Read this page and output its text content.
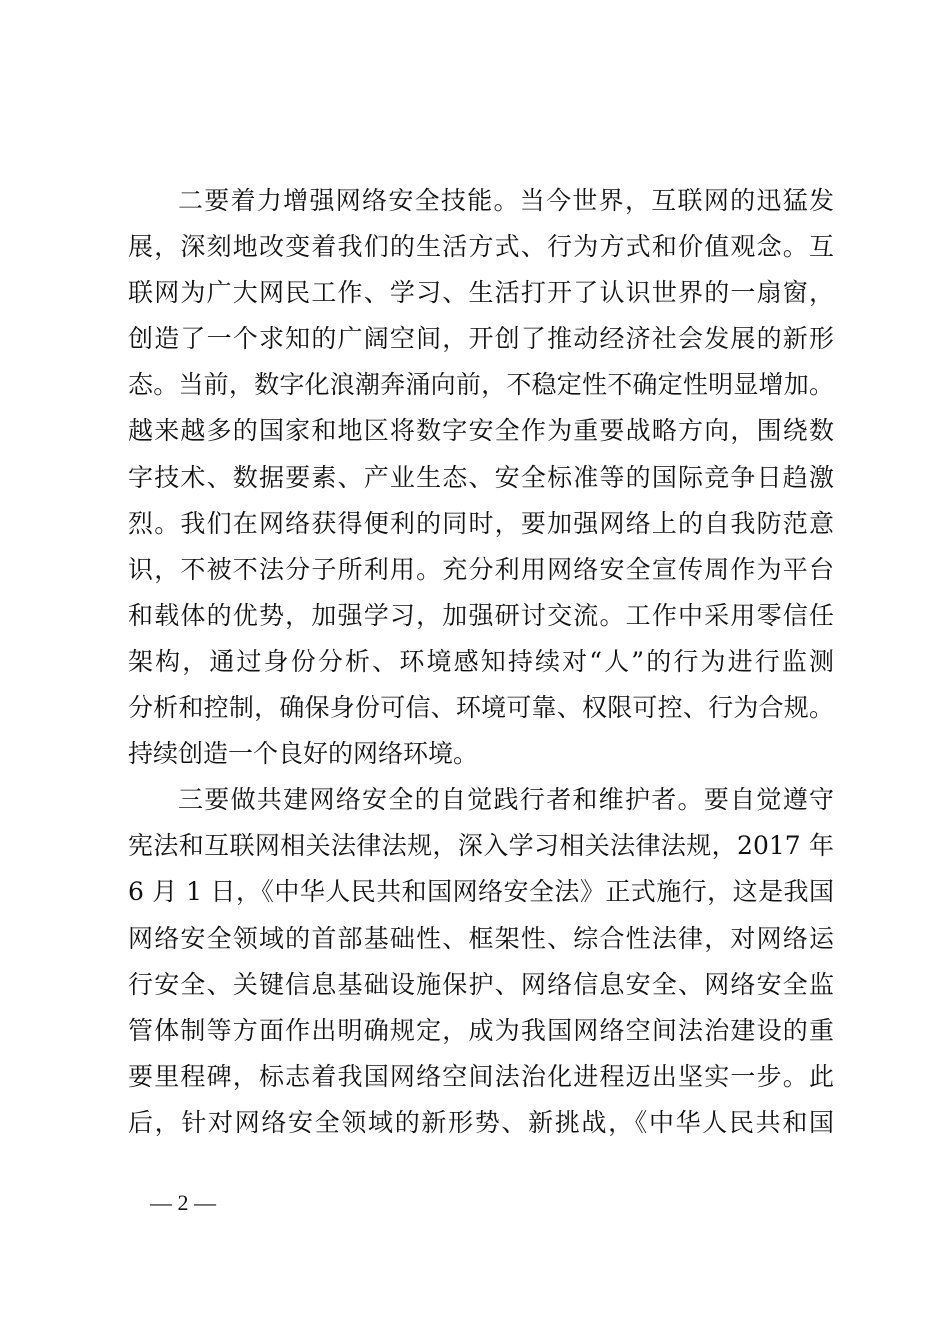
二要着力增强网络安全技能。当今世界，互联网的迅猛发
展，深刻地改变着我们的生活方式、行为方式和价值观念。互
联网为广大网民工作、学习、生活打开了认识世界的一扇窗，
创造了一个求知的广阔空间，开创了推动经济社会发展的新形
态。当前，数字化浪潮奔涌向前，不稳定性不确定性明显增加。
越来越多的国家和地区将数字安全作为重要战略方向，围绕数
字技术、数据要素、产业生态、安全标准等的国际竞争日趋激
烈。我们在网络获得便利的同时，要加强网络上的自我防范意
识，不被不法分子所利用。充分利用网络安全宣传周作为平台
和载体的优势，加强学习，加强研讨交流。工作中采用零信任
架构，通过身份分析、环境感知持续对“人”的行为进行监测
分析和控制，确保身份可信、环境可靠、权限可控、行为合规。
持续创造一个良好的网络环境。
三要做共建网络安全的自觉践行者和维护者。要自觉遵守
宪法和互联网相关法律法规，深入学习相关法律法规，2017 年
6 月 1 日，《中华人民共和国网络安全法》正式施行，这是我国
网络安全领域的首部基础性、框架性、综合性法律，对网络运
行安全、关键信息基础设施保护、网络信息安全、网络安全监
管体制等方面作出明确规定，成为我国网络空间法治建设的重
要里程碑，标志着我国网络空间法治化进程迈出坚实一步。此
后，针对网络安全领域的新形势、新挑战，《中华人民共和国
— 2 —
